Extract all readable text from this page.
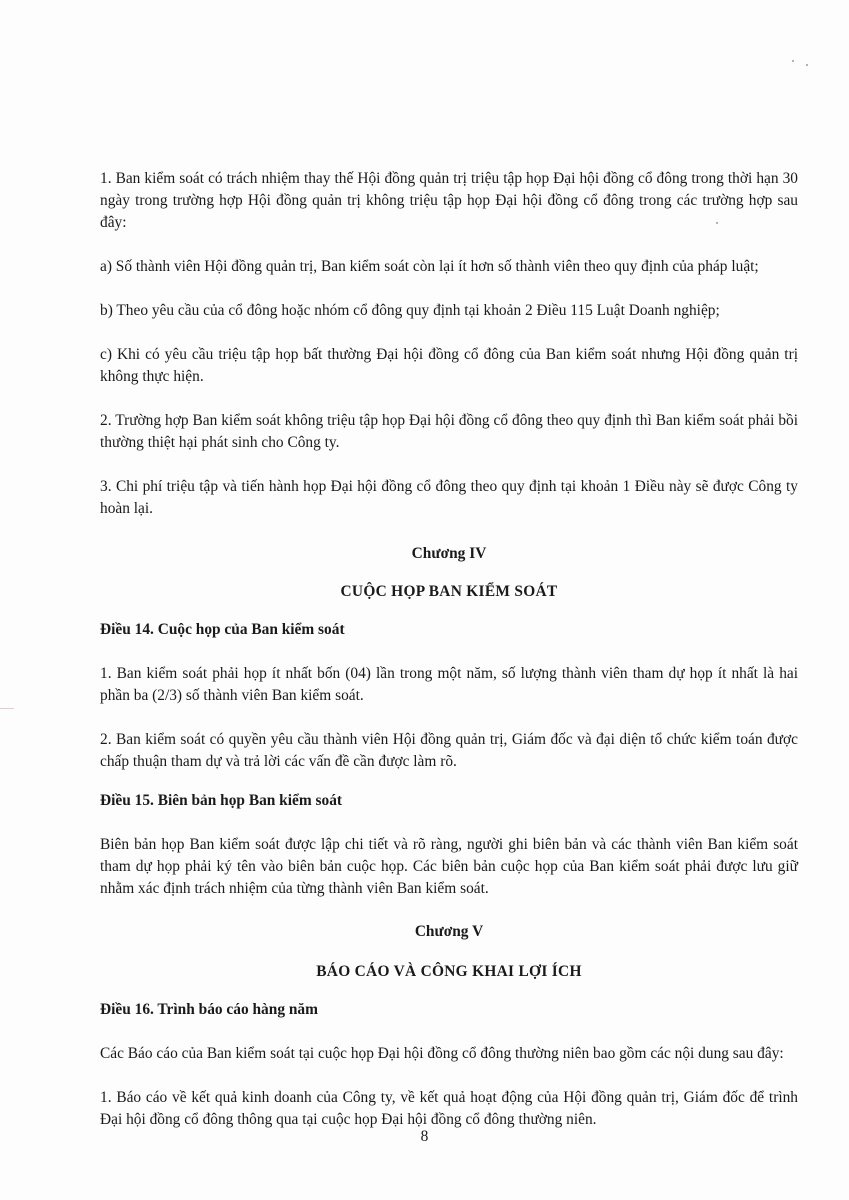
1. Ban kiểm soát có trách nhiệm thay thế Hội đồng quản trị triệu tập họp Đại hội đồng cổ đông trong thời hạn 30 ngày trong trường hợp Hội đồng quản trị không triệu tập họp Đại hội đồng cổ đông trong các trường hợp sau đây:

a) Số thành viên Hội đồng quản trị, Ban kiểm soát còn lại ít hơn số thành viên theo quy định của pháp luật;

b) Theo yêu cầu của cổ đông hoặc nhóm cổ đông quy định tại khoản 2 Điều 115 Luật Doanh nghiệp;

c) Khi có yêu cầu triệu tập họp bất thường Đại hội đồng cổ đông của Ban kiểm soát nhưng Hội đồng quản trị không thực hiện.

2. Trường hợp Ban kiểm soát không triệu tập họp Đại hội đồng cổ đông theo quy định thì Ban kiểm soát phải bồi thường thiệt hại phát sinh cho Công ty.

3. Chi phí triệu tập và tiến hành họp Đại hội đồng cổ đông theo quy định tại khoản 1 Điều này sẽ được Công ty hoàn lại.

Chương IV

CUỘC HỌP BAN KIỂM SOÁT

Điều 14. Cuộc họp của Ban kiểm soát

1. Ban kiểm soát phải họp ít nhất bốn (04) lần trong một năm, số lượng thành viên tham dự họp ít nhất là hai phần ba (2/3) số thành viên Ban kiểm soát.

2. Ban kiểm soát có quyền yêu cầu thành viên Hội đồng quản trị, Giám đốc và đại diện tổ chức kiểm toán được chấp thuận tham dự và trả lời các vấn đề cần được làm rõ.

Điều 15. Biên bản họp Ban kiểm soát

Biên bản họp Ban kiểm soát được lập chi tiết và rõ ràng, người ghi biên bản và các thành viên Ban kiểm soát tham dự họp phải ký tên vào biên bản cuộc họp. Các biên bản cuộc họp của Ban kiểm soát phải được lưu giữ nhằm xác định trách nhiệm của từng thành viên Ban kiểm soát.

Chương V

BÁO CÁO VÀ CÔNG KHAI LỢI ÍCH

Điều 16. Trình báo cáo hàng năm

Các Báo cáo của Ban kiểm soát tại cuộc họp Đại hội đồng cổ đông thường niên bao gồm các nội dung sau đây:

1. Báo cáo về kết quả kinh doanh của Công ty, về kết quả hoạt động của Hội đồng quản trị, Giám đốc để trình Đại hội đồng cổ đông thông qua tại cuộc họp Đại hội đồng cổ đông thường niên.

8
